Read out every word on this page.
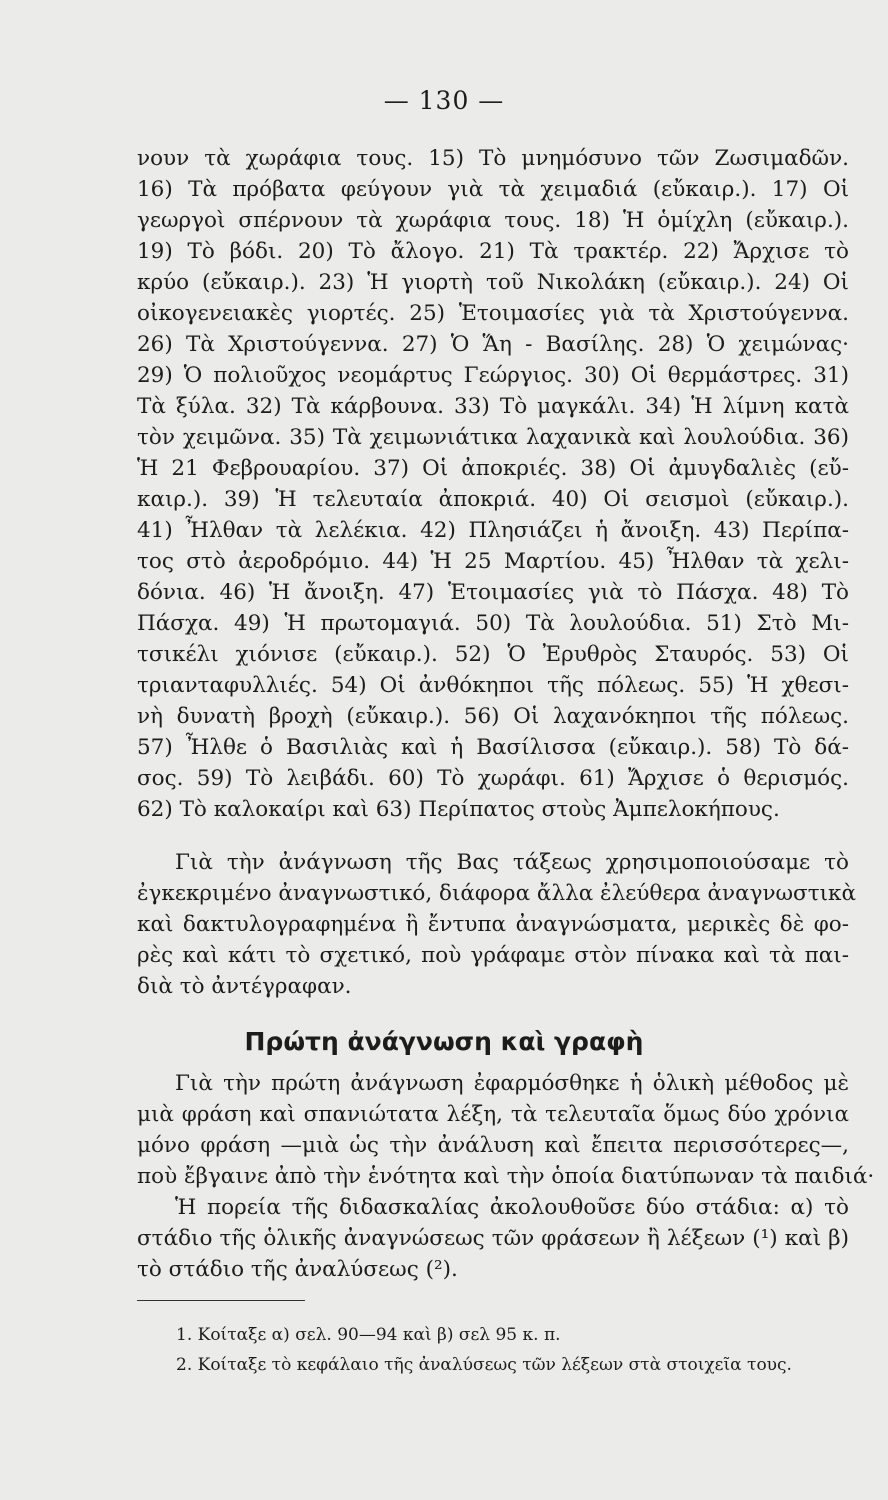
— 130 —
νουν τὰ χωράφια τους. 15) Τὸ μνημόσυνο τῶν Ζωσιμαδῶν.
16) Τὰ πρόβατα φεύγουν γιὰ τὰ χειμαδιά (εὔκαιρ.). 17) Οἱ
γεωργοὶ σπέρνουν τὰ χωράφια τους. 18) Ἡ ὁμίχλη (εὔκαιρ.).
19) Τὸ βόδι. 20) Τὸ ἄλογο. 21) Τὰ τρακτέρ. 22) Ἄρχισε τὸ
κρύο (εὔκαιρ.). 23) Ἡ γιορτὴ τοῦ Νικολάκη (εὔκαιρ.). 24) Οἱ
οἰκογενειακὲς γιορτές. 25) Ἑτοιμασίες γιὰ τὰ Χριστούγεννα.
26) Τὰ Χριστούγεννα. 27) Ὁ Ἅη - Βασίλης. 28) Ὁ χειμώνας·
29) Ὁ πολιοῦχος νεομάρτυς Γεώργιος. 30) Οἱ θερμάστρες. 31)
Τὰ ξύλα. 32) Τὰ κάρβουνα. 33) Τὸ μαγκάλι. 34) Ἡ λίμνη κατὰ
τὸν χειμῶνα. 35) Τὰ χειμωνιάτικα λαχανικὰ καὶ λουλούδια. 36)
Ἡ 21 Φεβρουαρίου. 37) Οἱ ἀποκριές. 38) Οἱ ἀμυγδαλιὲς (εὔ-
καιρ.). 39) Ἡ τελευταία ἀποκριά. 40) Οἱ σεισμοὶ (εὔκαιρ.).
41) Ἦλθαν τὰ λελέκια. 42) Πλησιάζει ἡ ἄνοιξη. 43) Περίπα-
τος στὸ ἀεροδρόμιο. 44) Ἡ 25 Μαρτίου. 45) Ἦλθαν τὰ χελι-
δόνια. 46) Ἡ ἄνοιξη. 47) Ἑτοιμασίες γιὰ τὸ Πάσχα. 48) Τὸ
Πάσχα. 49) Ἡ πρωτομαγιά. 50) Τὰ λουλούδια. 51) Στὸ Μι-
τσικέλι χιόνισε (εὔκαιρ.). 52) Ὁ Ἐρυθρὸς Σταυρός. 53) Οἱ
τριανταφυλλιές. 54) Οἱ ἀνθόκηποι τῆς πόλεως. 55) Ἡ χθεσι-
νὴ δυνατὴ βροχὴ (εὔκαιρ.). 56) Οἱ λαχανόκηποι τῆς πόλεως.
57) Ἦλθε ὁ Βασιλιὰς καὶ ἡ Βασίλισσα (εὔκαιρ.). 58) Τὸ δά-
σος. 59) Τὸ λειβάδι. 60) Τὸ χωράφι. 61) Ἄρχισε ὁ θερισμός.
62) Τὸ καλοκαίρι καὶ 63) Περίπατος στοὺς Ἀμπελοκήπους.
Γιὰ τὴν ἀνάγνωση τῆς Βας τάξεως χρησιμοποιούσαμε τὸ
ἐγκεκριμένο ἀναγνωστικό, διάφορα ἄλλα ἐλεύθερα ἀναγνωστικὰ
καὶ δακτυλογραφημένα ἢ ἔντυπα ἀναγνώσματα, μερικὲς δὲ φο-
ρὲς καὶ κάτι τὸ σχετικό, ποὺ γράφαμε στὸν πίνακα καὶ τὰ παι-
διὰ τὸ ἀντέγραφαν.
Πρώτη ἀνάγνωση καὶ γραφὴ
Γιὰ τὴν πρώτη ἀνάγνωση ἐφαρμόσθηκε ἡ ὁλικὴ μέθοδος μὲ
μιὰ φράση καὶ σπανιώτατα λέξη, τὰ τελευταῖα ὅμως δύο χρόνια
μόνο φράση —μιὰ ὡς τὴν ἀνάλυση καὶ ἔπειτα περισσότερες—,
ποὺ ἔβγαινε ἀπὸ τὴν ἑνότητα καὶ τὴν ὁποία διατύπωναν τὰ παιδιά·
Ἡ πορεία τῆς διδασκαλίας ἀκολουθοῦσε δύο στάδια: α) τὸ
στάδιο τῆς ὁλικῆς ἀναγνώσεως τῶν φράσεων ἢ λέξεων (¹) καὶ β)
τὸ στάδιο τῆς ἀναλύσεως (²).
1. Κοίταξε α) σελ. 90—94 καὶ β) σελ 95 κ. π.
2. Κοίταξε τὸ κεφάλαιο τῆς ἀναλύσεως τῶν λέξεων στὰ στοιχεῖα τους.
